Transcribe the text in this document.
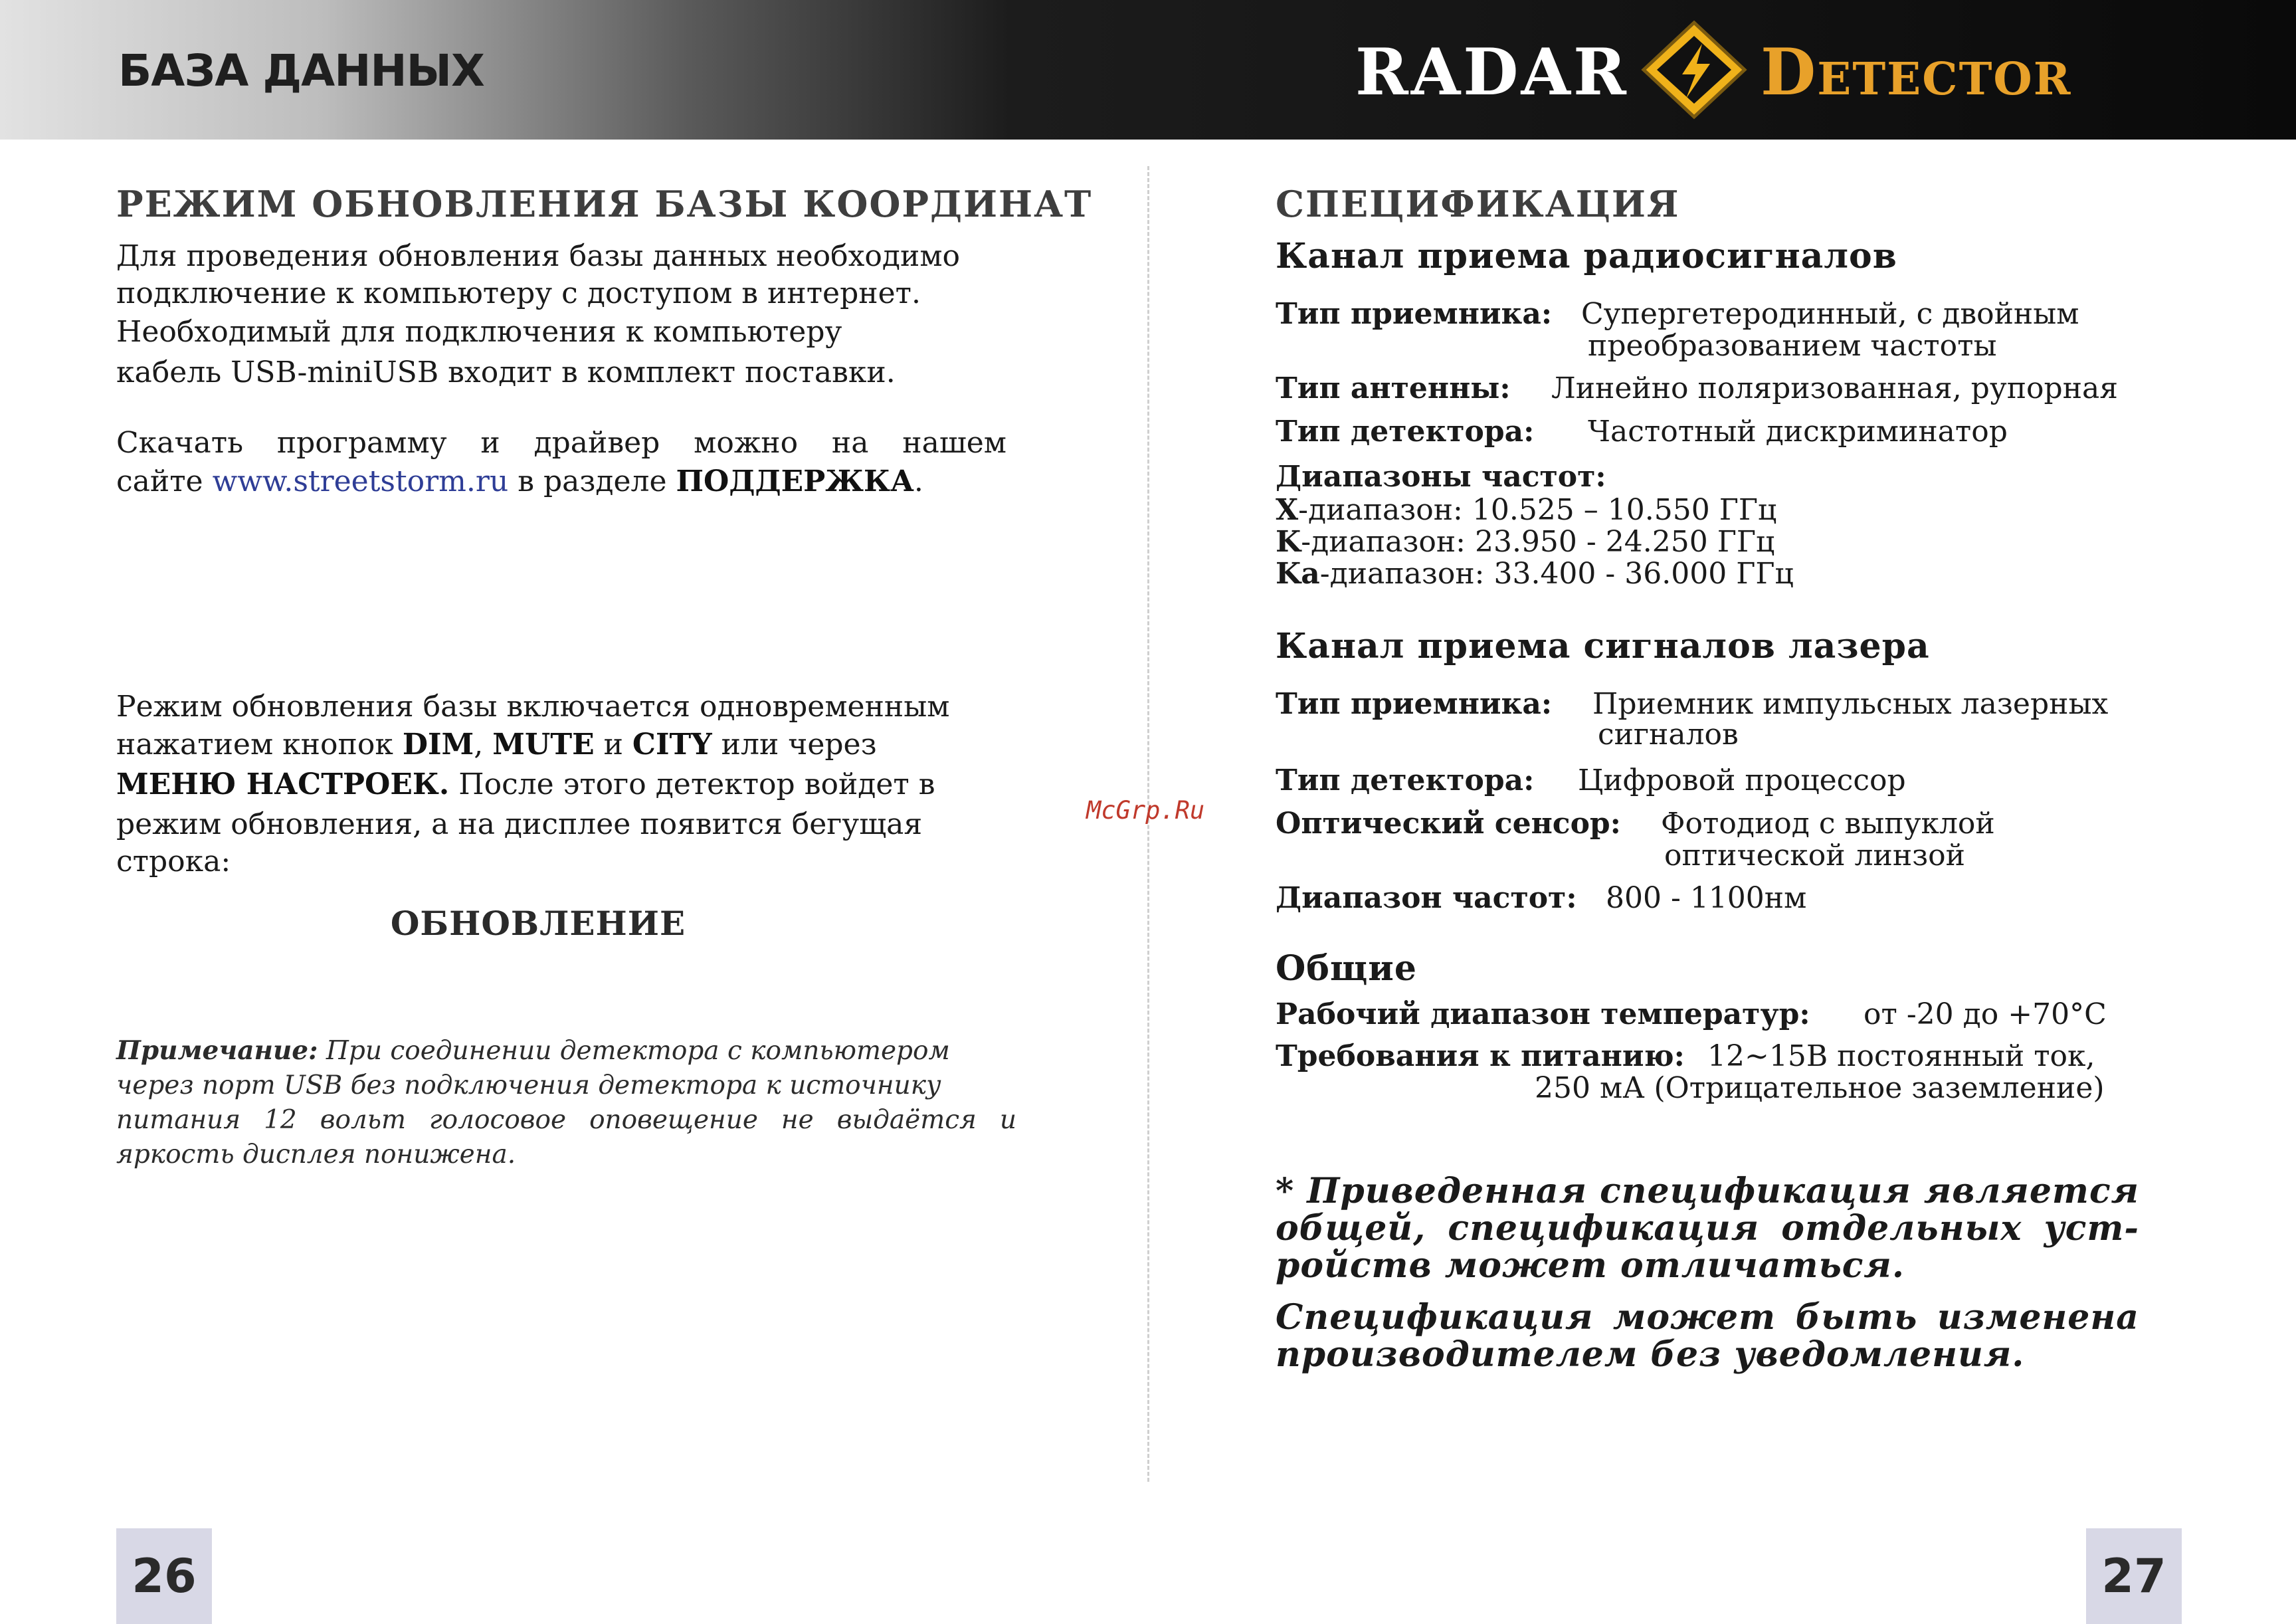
БАЗА ДАННЫХ	RADAR Detector
РЕЖИМ ОБНОВЛЕНИЯ БАЗЫ КООРДИНАТ

Для проведения обновления базы данных необходимо

подключение к компьютеру с доступом в интернет.

Необходимый для подключения к компьютеру

кабель USB-miniUSB входит в комплект поставки.

Скачать программу и драйвер можно на нашем

сайте www.streetstorm.ru в разделе ПОДДЕРЖКА.

Режим обновления базы включается одновременным

нажатием кнопок DIM, MUTE и CITY или через

МЕНЮ НАСТРОЕК. После этого детектор войдет в

режим обновления, а на дисплее появится бегущая

строка:

ОБНОВЛЕНИЕ

Примечание: При соединении детектора с компьютером

через порт USB без подключения детектора к источнику

питания 12 вольт голосовое оповещение не выдаётся и

яркость дисплея понижена.

СПЕЦИФИКАЦИЯ
Канал приема радиосигналов
Тип приемника: Супергетеродинный, с двойным
преобразованием частоты
Тип антенны: Линейно поляризованная, рупорная
Тип детектора: Частотный дискриминатор
Диапазоны частот:
X-диапазон: 10.525 – 10.550 ГГц
K-диапазон: 23.950 - 24.250 ГГц
Ka-диапазон: 33.400 - 36.000 ГГц
Канал приема сигналов лазера
Тип приемника: Приемник импульсных лазерных
сигналов
Тип детектора: Цифровой процессор
Оптический сенсор: Фотодиод с выпуклой
оптической линзой
Диапазон частот: 800 - 1100нм
Общие
Рабочий диапазон температур: от -20 до +70°С
Требования к питанию: 12~15В постоянный ток,
250 мА (Отрицательное заземление)

* Приведенная спецификация является

общей, спецификация отдельных уст-

ройств может отличаться.

Спецификация может быть изменена

производителем без уведомления.

McGrp.Ru
26	27
